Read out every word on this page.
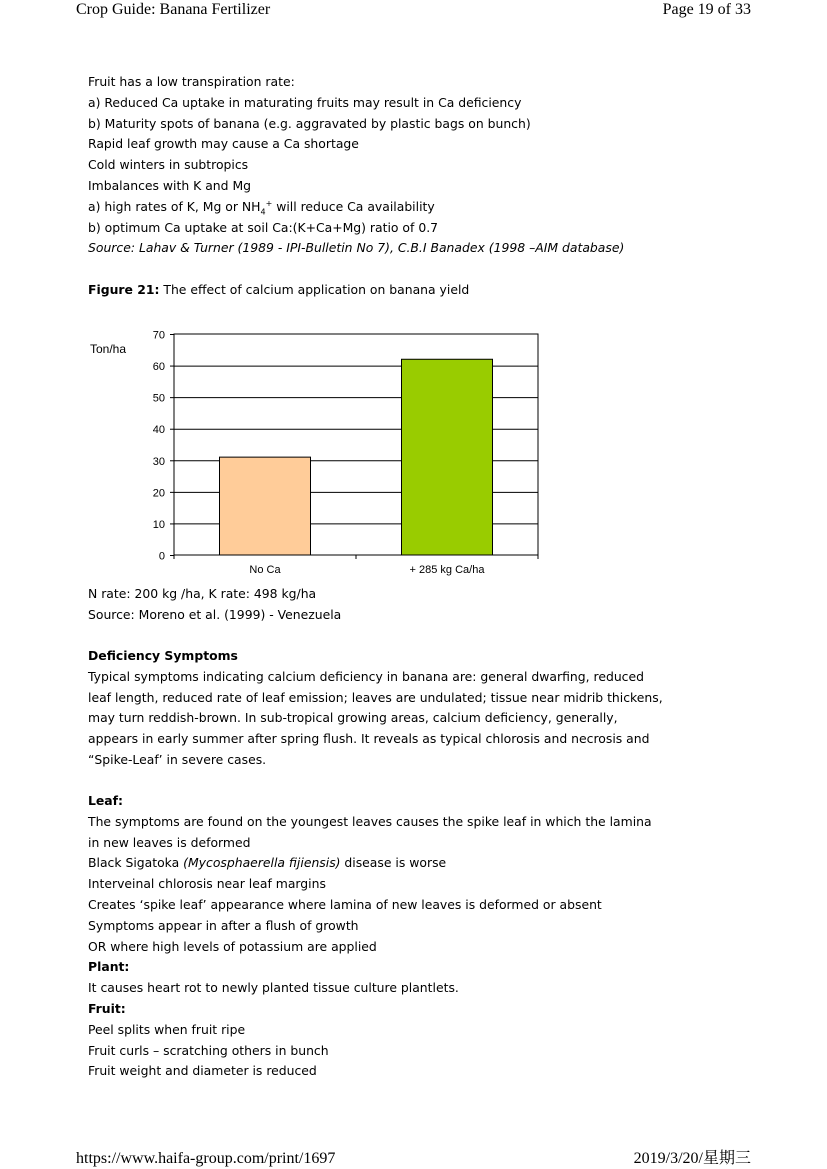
Crop Guide: Banana Fertilizer	Page 19 of 33

Fruit has a low transpiration rate:

a) Reduced Ca uptake in maturating fruits may result in Ca deficiency

b) Maturity spots of banana (e.g. aggravated by plastic bags on bunch)

Rapid leaf growth may cause a Ca shortage

Cold winters in subtropics

Imbalances with K and Mg

a) high rates of K, Mg or $NH_4^+$ will reduce Ca availability

b) optimum Ca uptake at soil Ca:(K+Ca+Mg) ratio of 0.7

Source: Lahav & Turner (1989 - IPI-Bulletin No 7), C.B.I Banadex (1998 –AIM database)

Figure 21: The effect of calcium application on banana yield

0
10
20
30
40
50
60
70
No Ca	+ 285 kg Ca/ha
Ton/ha

N rate: 200 kg /ha, K rate: 498 kg/ha

Source: Moreno et al. (1999) - Venezuela

Deficiency Symptoms

Typical symptoms indicating calcium deficiency in banana are: general dwarfing, reduced

leaf length, reduced rate of leaf emission; leaves are undulated; tissue near midrib thickens,

may turn reddish-brown. In sub-tropical growing areas, calcium deficiency, generally,

appears in early summer after spring flush. It reveals as typical chlorosis and necrosis and

“Spike-Leaf’ in severe cases.

Leaf:

The symptoms are found on the youngest leaves causes the spike leaf in which the lamina

in new leaves is deformed

Black Sigatoka (Mycosphaerella fijiensis) disease is worse

Interveinal chlorosis near leaf margins

Creates ‘spike leaf’ appearance where lamina of new leaves is deformed or absent

Symptoms appear in after a flush of growth

OR where high levels of potassium are applied

Plant:

It causes heart rot to newly planted tissue culture plantlets.

Fruit:

Peel splits when fruit ripe

Fruit curls – scratching others in bunch

Fruit weight and diameter is reduced

https://www.haifa-group.com/print/1697	2019/3/20/星期三
